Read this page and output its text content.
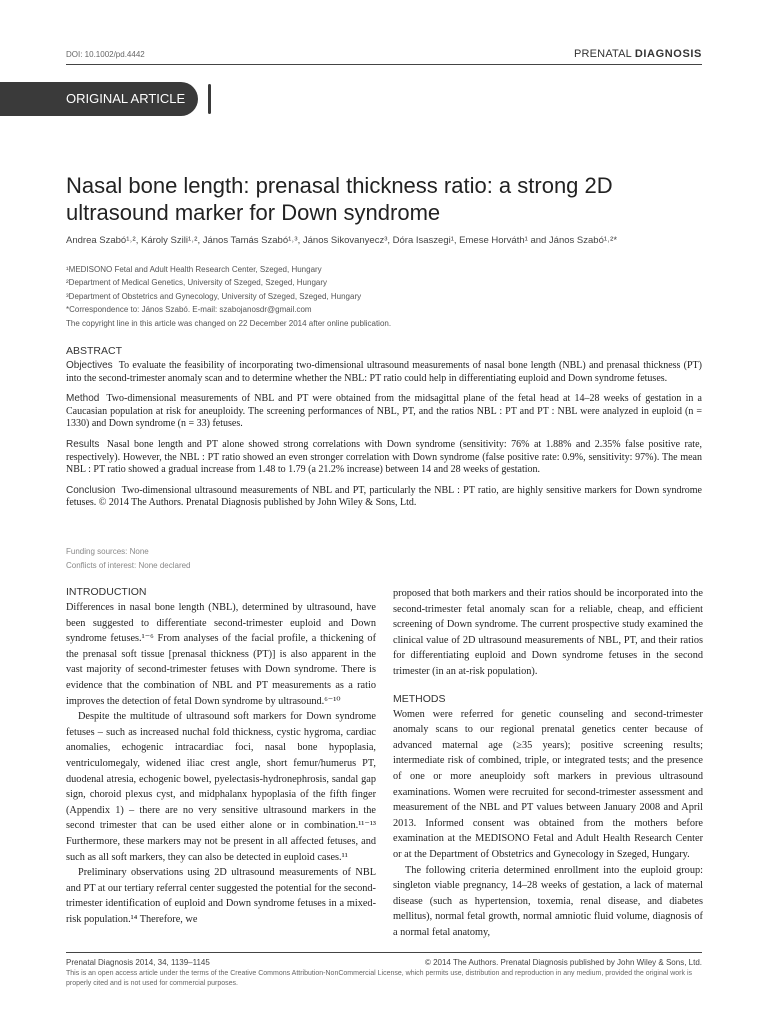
DOI: 10.1002/pd.4442	PRENATAL DIAGNOSIS
ORIGINAL ARTICLE
Nasal bone length: prenasal thickness ratio: a strong 2D ultrasound marker for Down syndrome
Andrea Szabó¹˒², Károly Szili¹˒², János Tamás Szabó¹˒³, János Sikovanyecz³, Dóra Isaszegi¹, Emese Horváth¹ and János Szabó¹˒²*
¹MEDISONO Fetal and Adult Health Research Center, Szeged, Hungary
²Department of Medical Genetics, University of Szeged, Szeged, Hungary
³Department of Obstetrics and Gynecology, University of Szeged, Szeged, Hungary
*Correspondence to: János Szabó. E-mail: szabojanosdr@gmail.com
The copyright line in this article was changed on 22 December 2014 after online publication.
ABSTRACT

Objectives To evaluate the feasibility of incorporating two-dimensional ultrasound measurements of nasal bone length (NBL) and prenasal thickness (PT) into the second-trimester anomaly scan and to determine whether the NBL: PT ratio could help in differentiating euploid and Down syndrome fetuses.

Method Two-dimensional measurements of NBL and PT were obtained from the midsagittal plane of the fetal head at 14–28 weeks of gestation in a Caucasian population at risk for aneuploidy. The screening performances of NBL, PT, and the ratios NBL : PT and PT : NBL were analyzed in euploid (n = 1330) and Down syndrome (n = 33) fetuses.

Results Nasal bone length and PT alone showed strong correlations with Down syndrome (sensitivity: 76% at 1.88% and 2.35% false positive rate, respectively). However, the NBL : PT ratio showed an even stronger correlation with Down syndrome (false positive rate: 0.9%, sensitivity: 97%). The mean NBL : PT ratio showed a gradual increase from 1.48 to 1.79 (a 21.2% increase) between 14 and 28 weeks of gestation.

Conclusion Two-dimensional ultrasound measurements of NBL and PT, particularly the NBL : PT ratio, are highly sensitive markers for Down syndrome fetuses. © 2014 The Authors. Prenatal Diagnosis published by John Wiley & Sons, Ltd.

Funding sources: None
Conflicts of interest: None declared
INTRODUCTION

Differences in nasal bone length (NBL), determined by ultrasound, have been suggested to differentiate second-trimester euploid and Down syndrome fetuses.¹⁻⁶ From analyses of the facial profile, a thickening of the prenasal soft tissue [prenasal thickness (PT)] is also apparent in the vast majority of second-trimester fetuses with Down syndrome. There is evidence that the combination of NBL and PT measurements as a ratio improves the detection of fetal Down syndrome by ultrasound.⁶⁻¹⁰

Despite the multitude of ultrasound soft markers for Down syndrome fetuses – such as increased nuchal fold thickness, cystic hygroma, cardiac anomalies, echogenic intracardiac foci, nasal bone hypoplasia, ventriculomegaly, widened iliac crest angle, short femur/humerus PT, duodenal atresia, echogenic bowel, pyelectasis-hydronephrosis, sandal gap sign, choroid plexus cyst, and midphalanx hypoplasia of the fifth finger (Appendix 1) – there are no very sensitive ultrasound markers in the second trimester that can be used either alone or in combination.¹¹⁻¹³ Furthermore, these markers may not be present in all affected fetuses, and such as all soft markers, they can also be detected in euploid cases.¹¹

Preliminary observations using 2D ultrasound measurements of NBL and PT at our tertiary referral center suggested the potential for the second-trimester identification of euploid and Down syndrome fetuses in a mixed-risk population.¹⁴ Therefore, we

proposed that both markers and their ratios should be incorporated into the second-trimester fetal anomaly scan for a reliable, cheap, and efficient screening of Down syndrome. The current prospective study examined the clinical value of 2D ultrasound measurements of NBL, PT, and their ratios for differentiating euploid and Down syndrome fetuses in the second trimester (in an at-risk population).

METHODS

Women were referred for genetic counseling and second-trimester anomaly scans to our regional prenatal genetics center because of advanced maternal age (≥35 years); positive screening results; intermediate risk of combined, triple, or integrated tests; and the presence of one or more aneuploidy soft markers in previous ultrasound examinations. Women were recruited for second-trimester assessment and measurement of the NBL and PT values between January 2008 and April 2013. Informed consent was obtained from the mothers before examination at the MEDISONO Fetal and Adult Health Research Center or at the Department of Obstetrics and Gynecology in Szeged, Hungary.

The following criteria determined enrollment into the euploid group: singleton viable pregnancy, 14–28 weeks of gestation, a lack of maternal disease (such as hypertension, toxemia, renal disease, and diabetes mellitus), normal fetal growth, normal amniotic fluid volume, diagnosis of a normal fetal anatomy,

Prenatal Diagnosis 2014, 34, 1139–1145	© 2014 The Authors. Prenatal Diagnosis published by John Wiley & Sons, Ltd.
This is an open access article under the terms of the Creative Commons Attribution-NonCommercial License, which permits use, distribution and reproduction in any medium, provided the original work is properly cited and is not used for commercial purposes.
